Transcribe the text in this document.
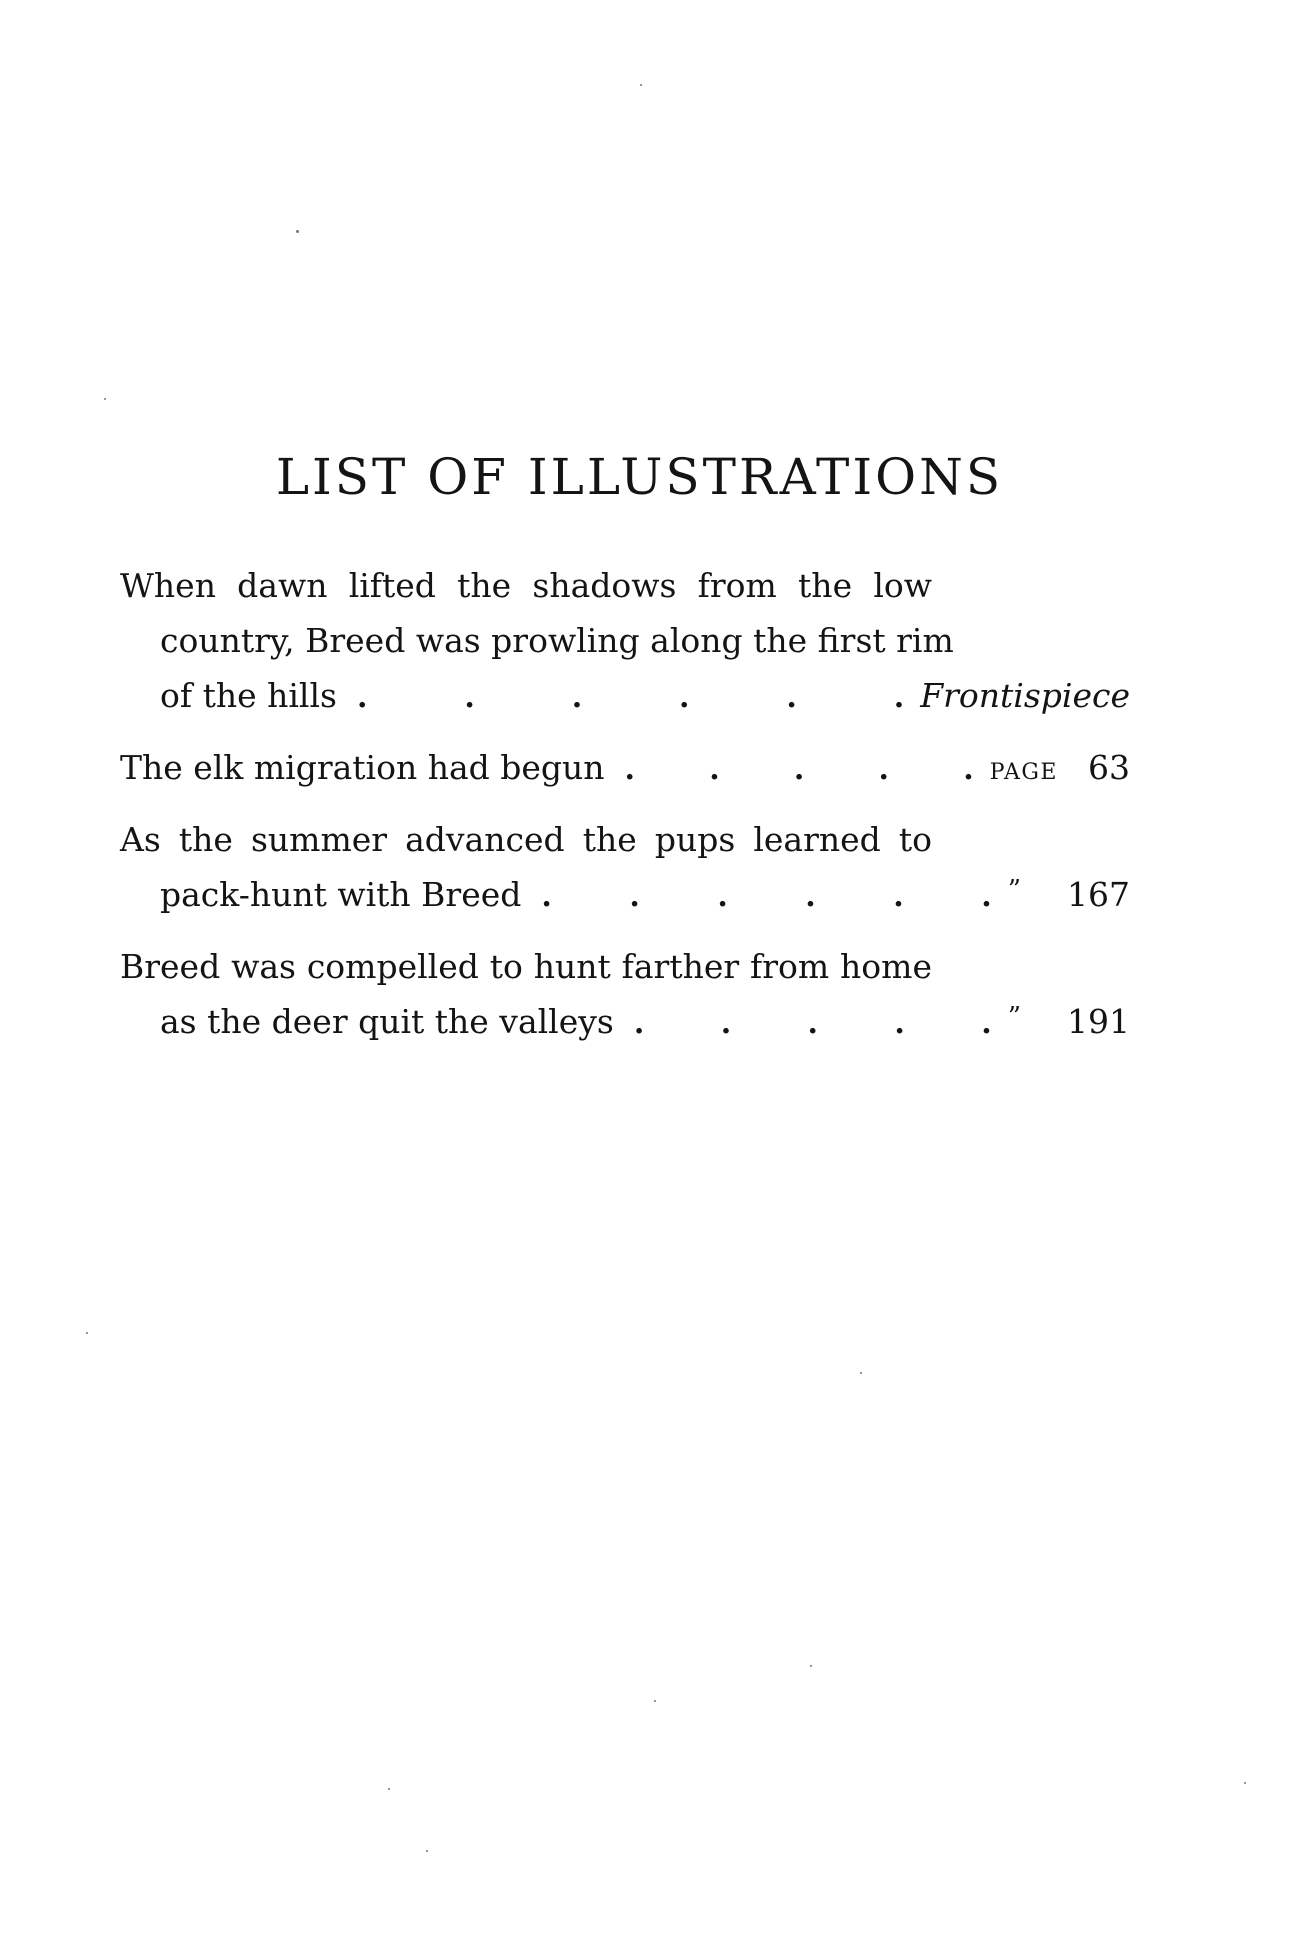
LIST OF ILLUSTRATIONS
When dawn lifted the shadows from the low
country, Breed was prowling along the first rim
of the hills .	.	.	.	.	. Frontispiece
The elk migration had begun . . . . . PAGE 63
As the summer advanced the pups learned to
pack-hunt with Breed .	.	.	.	.	. ” 167
Breed was compelled to hunt farther from home
as the deer quit the valleys .	.	.	.	. ” 191
